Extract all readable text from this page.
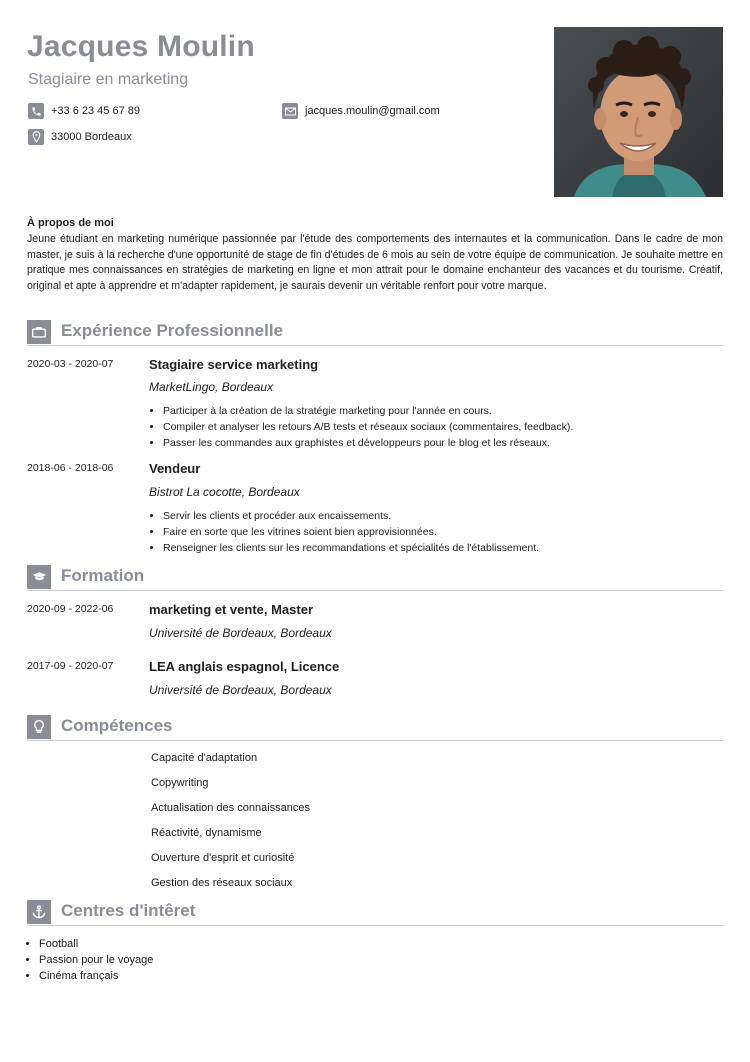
Jacques Moulin
Stagiaire en marketing
+33 6 23 45 67 89	jacques.moulin@gmail.com
33000 Bordeaux
À propos de moi
Jeune étudiant en marketing numérique passionnée par l'étude des comportements des internautes et la communication. Dans le cadre de mon master, je suis à la recherche d'une opportunité de stage de fin d'études de 6 mois au sein de votre équipe de communication. Je souhaite mettre en pratique mes connaissances en stratégies de marketing en ligne et mon attrait pour le domaine enchanteur des vacances et du tourisme. Créatif, original et apte à apprendre et m'adapter rapidement, je saurais devenir un véritable renfort pour votre marque.
Expérience Professionnelle
2020-03 - 2020-07	Stagiaire service marketing
MarketLingo, Bordeaux
• Participer à la création de la stratégie marketing pour l'année en cours.
• Compiler et analyser les retours A/B tests et réseaux sociaux (commentaires, feedback).
• Passer les commandes aux graphistes et développeurs pour le blog et les réseaux.
2018-06 - 2018-06	Vendeur
Bistrot La cocotte, Bordeaux
• Servir les clients et procéder aux encaissements.
• Faire en sorte que les vitrines soient bien approvisionnées.
• Renseigner les clients sur les recommandations et spécialités de l'établissement.
Formation
2020-09 - 2022-06	marketing et vente, Master
Université de Bordeaux, Bordeaux
2017-09 - 2020-07	LEA anglais espagnol, Licence
Université de Bordeaux, Bordeaux
Compétences
Capacité d'adaptation
Copywriting
Actualisation des connaissances
Réactivité, dynamisme
Ouverture d'esprit et curiosité
Gestion des réseaux sociaux
Centres d'intêret
• Football
• Passion pour le voyage
• Cinéma français
